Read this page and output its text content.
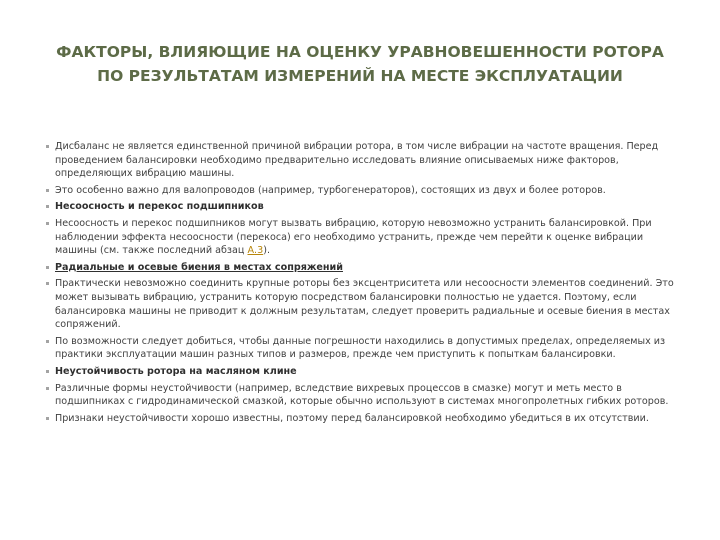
ФАКТОРЫ, ВЛИЯЮЩИЕ НА ОЦЕНКУ УРАВНОВЕШЕННОСТИ РОТОРА
ПО РЕЗУЛЬТАТАМ ИЗМЕРЕНИЙ НА МЕСТЕ ЭКСПЛУАТАЦИИ
Дисбаланс не является единственной причиной вибрации ротора, в том числе вибрации на частоте вращения. Перед проведением балансировки необходимо предварительно исследовать влияние описываемых ниже факторов, определяющих вибрацию машины.
Это особенно важно для валопроводов (например, турбогенераторов), состоящих из двух и более роторов.
Несоосность и перекос подшипников
Несоосность и перекос подшипников могут вызвать вибрацию, которую невозможно устранить балансировкой. При наблюдении эффекта несоосности (перекоса) его необходимо устранить, прежде чем перейти к оценке вибрации машины (см. также последний абзац А.3).
Радиальные и осевые биения в местах сопряжений
Практически невозможно соединить крупные роторы без эксцентриситета или несоосности элементов соединений. Это может вызывать вибрацию, устранить которую посредством балансировки полностью не удается. Поэтому, если балансировка машины не приводит к должным результатам, следует проверить радиальные и осевые биения в местах сопряжений.
По возможности следует добиться, чтобы данные погрешности находились в допустимых пределах, определяемых из практики эксплуатации машин разных типов и размеров, прежде чем приступить к попыткам балансировки.
Неустойчивость ротора на масляном клине
Различные формы неустойчивости (например, вследствие вихревых процессов в смазке) могут и меть место в подшипниках с гидродинамической смазкой, которые обычно используют в системах многопролетных гибких роторов.
Признаки неустойчивости хорошо известны, поэтому перед балансировкой необходимо убедиться в их отсутствии.
